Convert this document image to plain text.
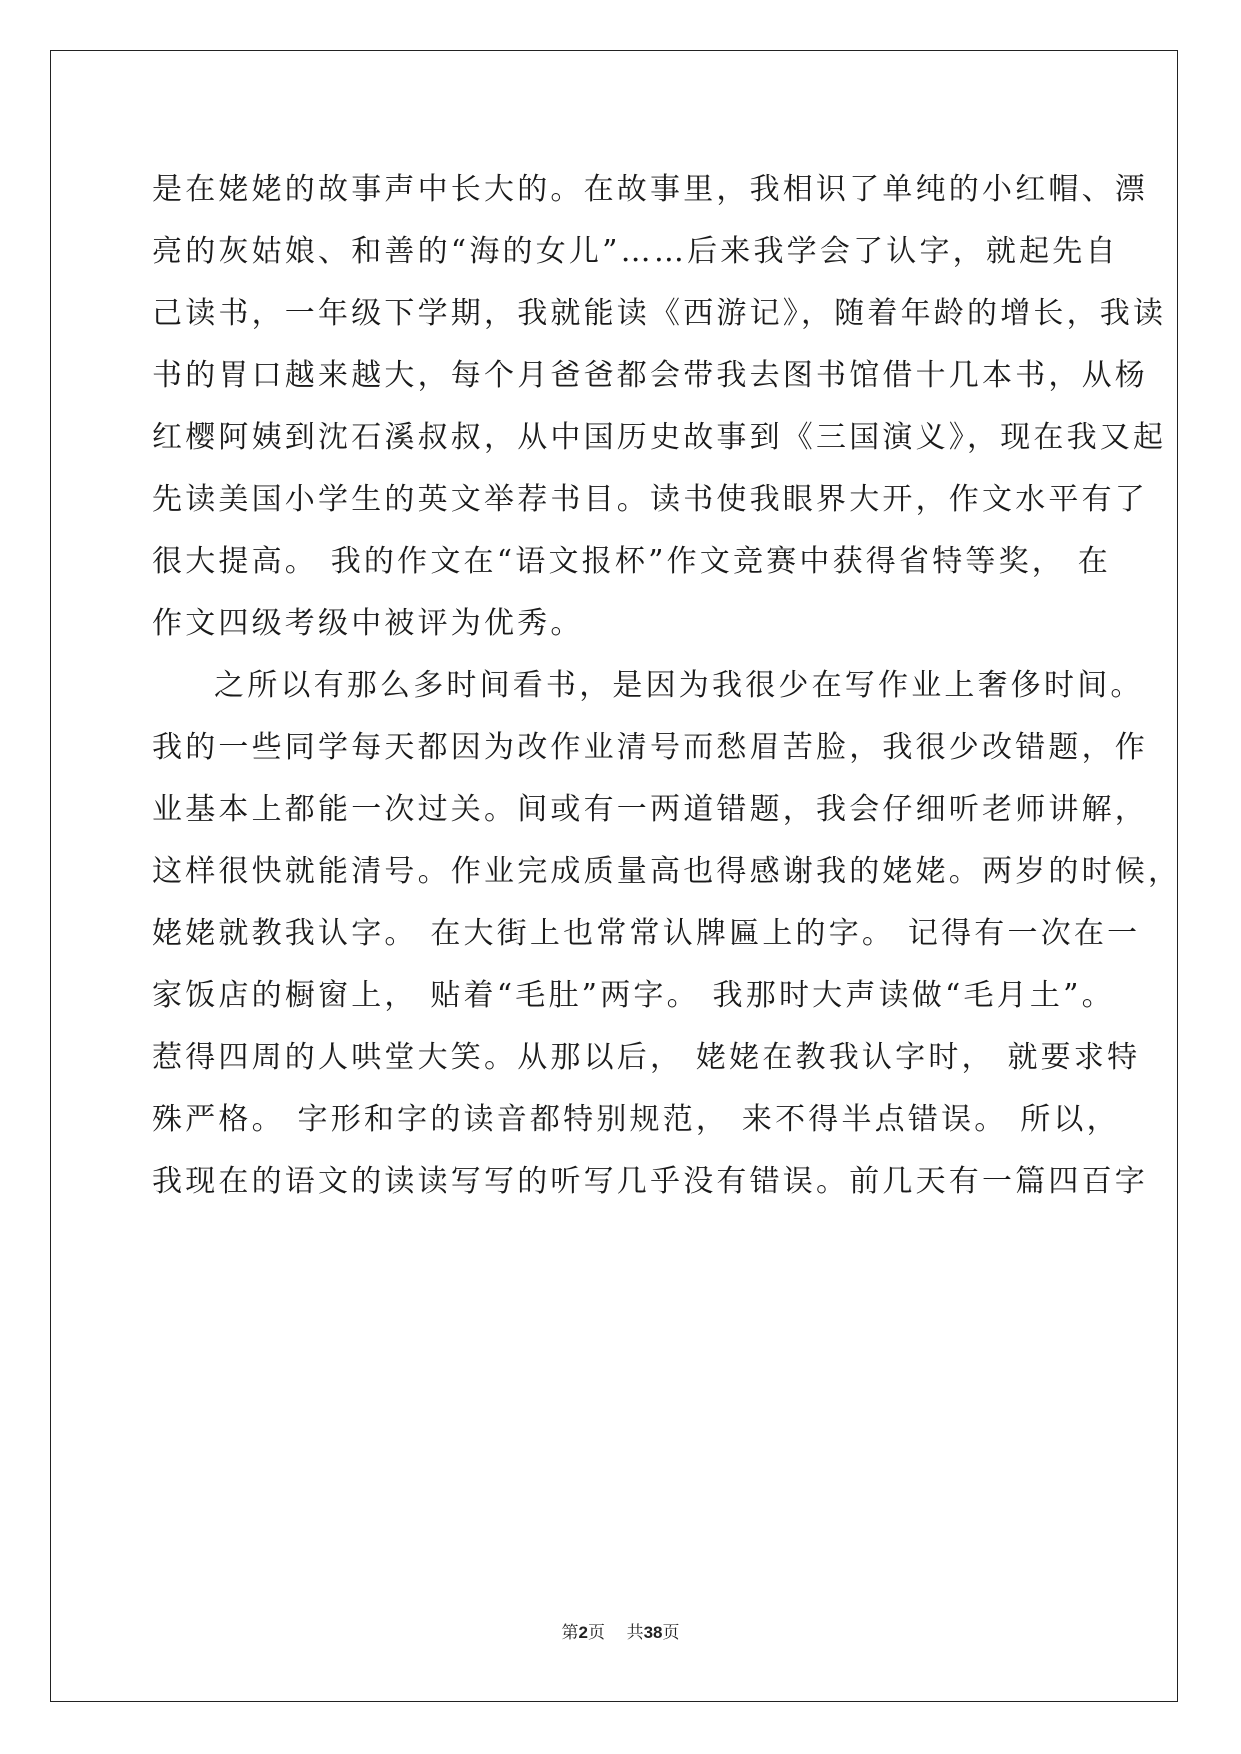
是在姥姥的故事声中长大的。在故事里，我相识了单纯的小红帽、漂
亮的灰姑娘、和善的“海的女儿”……后来我学会了认字，就起先自
己读书，一年级下学期，我就能读《西游记》，随着年龄的增长，我读
书的胃口越来越大，每个月爸爸都会带我去图书馆借十几本书，从杨
红樱阿姨到沈石溪叔叔，从中国历史故事到《三国演义》，现在我又起
先读美国小学生的英文举荐书目。读书使我眼界大开，作文水平有了
很大提高。 我的作文在“语文报杯”作文竞赛中获得省特等奖， 在
作文四级考级中被评为优秀。
之所以有那么多时间看书，是因为我很少在写作业上奢侈时间。
我的一些同学每天都因为改作业清号而愁眉苦脸，我很少改错题，作
业基本上都能一次过关。间或有一两道错题，我会仔细听老师讲解，
这样很快就能清号。作业完成质量高也得感谢我的姥姥。两岁的时候，
姥姥就教我认字。 在大街上也常常认牌匾上的字。 记得有一次在一
家饭店的橱窗上， 贴着“毛肚”两字。 我那时大声读做“毛月土”。
惹得四周的人哄堂大笑。从那以后， 姥姥在教我认字时， 就要求特
殊严格。 字形和字的读音都特别规范， 来不得半点错误。 所以，
我现在的语文的读读写写的听写几乎没有错误。前几天有一篇四百字
第2页 共38页
